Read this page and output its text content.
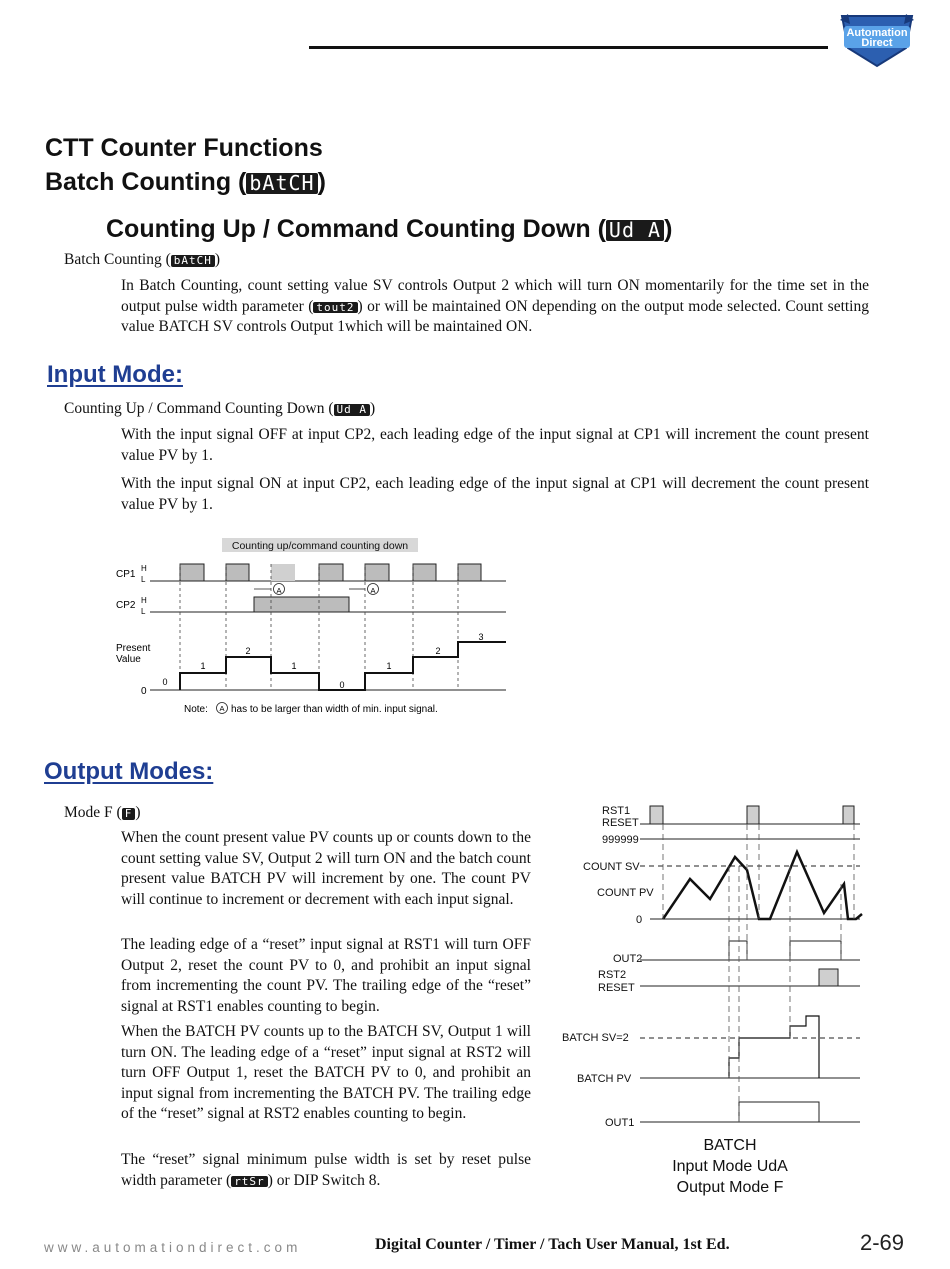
Automation
Direct
CTT Counter Functions
Batch Counting ( bAtCH )
Counting Up / Command Counting Down ( Ud A )
Batch Counting ( bAtCH )
In Batch Counting, count setting value SV controls Output 2 which will turn ON momentarily for the time set in the output pulse width parameter ( tout2 ) or will be maintained ON depending on the output mode selected. Count setting value BATCH SV controls Output 1which will be maintained ON.
Input Mode:
Counting Up / Command Counting Down ( Ud A )
With the input signal OFF at input CP2, each leading edge of the input signal at CP1 will increment the count present value PV by 1.
With the input signal ON at input CP2, each leading edge of the input signal at CP1 will decrement the count present value PV by 1.
Counting up/command counting down
CP1
H
L
CP2 H
L
A	A
Present
Value
0
0
1
2
1
0
1
2
3
Note: A has to be larger than width of min. input signal.
Output Modes:
Mode F ( F )
When the count present value PV counts up or counts down to the count setting value SV, Output 2 will turn ON and the batch count present value BATCH PV will increment by one. The count PV will continue to increment or decrement with each input signal.
The leading edge of a “reset” input signal at RST1 will turn OFF Output 2, reset the count PV to 0, and prohibit an input signal from incrementing the count PV. The trailing edge of the “reset” signal at RST1 enables counting to begin.
When the BATCH PV counts up to the BATCH SV, Output 1 will turn ON. The leading edge of a “reset” input signal at RST2 will turn OFF Output 1, reset the BATCH PV to 0, and prohibit an input signal from incrementing the BATCH PV. The trailing edge of the “reset” signal at RST2 enables counting to begin.
The “reset” signal minimum pulse width is set by reset pulse width parameter ( rtSr ) or DIP Switch 8.
RST1
RESET
999999
COUNT SV
COUNT PV
0
OUT2
RST2
RESET
BATCH SV=2
BATCH PV
OUT1
BATCH
Input Mode UdA
Output Mode F
www.automationdirect.com	Digital Counter / Timer / Tach User Manual, 1st Ed.	2-69
